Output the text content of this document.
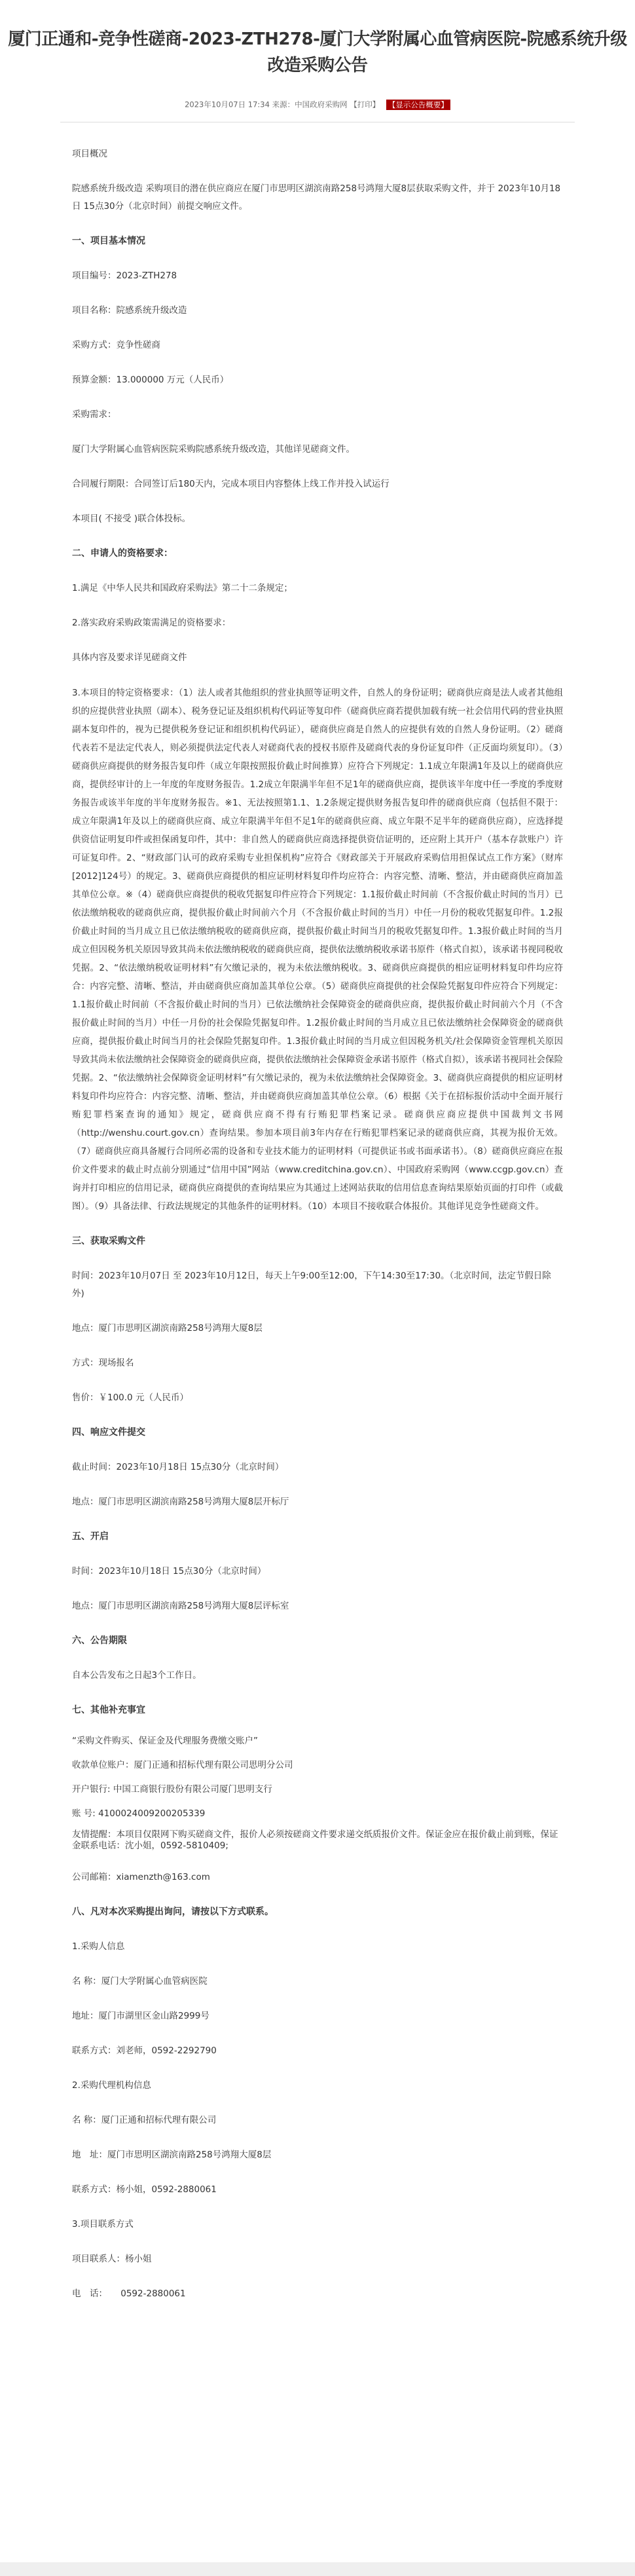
厦门正通和-竞争性磋商-2023-ZTH278-厦门大学附属心血管病医院-院感系统升级改造采购公告
2023年10月07日 17:34 来源：中国政府采购网 【打印】 【显示公告概要】

项目概况

院感系统升级改造 采购项目的潜在供应商应在厦门市思明区湖滨南路258号鸿翔大厦8层获取采购文件，并于 2023年10月18日 15点30分（北京时间）前提交响应文件。

一、项目基本情况

项目编号：2023-ZTH278

项目名称：院感系统升级改造

采购方式：竞争性磋商

预算金额：13.000000 万元（人民币）

采购需求：

厦门大学附属心血管病医院采购院感系统升级改造，其他详见磋商文件。

合同履行期限：合同签订后180天内，完成本项目内容整体上线工作并投入试运行

本项目( 不接受 )联合体投标。

二、申请人的资格要求：

1.满足《中华人民共和国政府采购法》第二十二条规定；

2.落实政府采购政策需满足的资格要求：

具体内容及要求详见磋商文件

3.本项目的特定资格要求：（1）法人或者其他组织的营业执照等证明文件，自然人的身份证明；磋商供应商是法人或者其他组织的应提供营业执照（副本）、税务登记证及组织机构代码证等复印件（磋商供应商若提供加载有统一社会信用代码的营业执照副本复印件的，视为已提供税务登记证和组织机构代码证），磋商供应商是自然人的应提供有效的自然人身份证明。（2）磋商代表若不是法定代表人，则必须提供法定代表人对磋商代表的授权书原件及磋商代表的身份证复印件（正反面均须复印）。（3）磋商供应商提供的财务报告复印件（成立年限按照报价截止时间推算）应符合下列规定：1.1成立年限满1年及以上的磋商供应商，提供经审计的上一年度的年度财务报告。1.2成立年限满半年但不足1年的磋商供应商，提供该半年度中任一季度的季度财务报告或该半年度的半年度财务报告。※1、无法按照第1.1、1.2条规定提供财务报告复印件的磋商供应商（包括但不限于：成立年限满1年及以上的磋商供应商、成立年限满半年但不足1年的磋商供应商、成立年限不足半年的磋商供应商），应选择提供资信证明复印件或担保函复印件，其中：非自然人的磋商供应商选择提供资信证明的，还应附上其开户（基本存款账户）许可证复印件。2、“财政部门认可的政府采购专业担保机构”应符合《财政部关于开展政府采购信用担保试点工作方案》（财库[2012]124号）的规定。3、磋商供应商提供的相应证明材料复印件均应符合：内容完整、清晰、整洁，并由磋商供应商加盖其单位公章。※（4）磋商供应商提供的税收凭据复印件应符合下列规定：1.1报价截止时间前（不含报价截止时间的当月）已依法缴纳税收的磋商供应商，提供报价截止时间前六个月（不含报价截止时间的当月）中任一月份的税收凭据复印件。1.2报价截止时间的当月成立且已依法缴纳税收的磋商供应商，提供报价截止时间当月的税收凭据复印件。1.3报价截止时间的当月成立但因税务机关原因导致其尚未依法缴纳税收的磋商供应商，提供依法缴纳税收承诺书原件（格式自拟），该承诺书视同税收凭据。2、“依法缴纳税收证明材料”有欠缴记录的，视为未依法缴纳税收。3、磋商供应商提供的相应证明材料复印件均应符合：内容完整、清晰、整洁，并由磋商供应商加盖其单位公章。（5）磋商供应商提供的社会保险凭据复印件应符合下列规定：1.1报价截止时间前（不含报价截止时间的当月）已依法缴纳社会保障资金的磋商供应商，提供报价截止时间前六个月（不含报价截止时间的当月）中任一月份的社会保险凭据复印件。1.2报价截止时间的当月成立且已依法缴纳社会保障资金的磋商供应商，提供报价截止时间当月的社会保险凭据复印件。1.3报价截止时间的当月成立但因税务机关/社会保障资金管理机关原因导致其尚未依法缴纳社会保障资金的磋商供应商，提供依法缴纳社会保障资金承诺书原件（格式自拟），该承诺书视同社会保险凭据。2、“依法缴纳社会保障资金证明材料”有欠缴记录的，视为未依法缴纳社会保障资金。3、磋商供应商提供的相应证明材料复印件均应符合：内容完整、清晰、整洁，并由磋商供应商加盖其单位公章。（6）根据《关于在招标报价活动中全面开展行贿犯罪档案查询的通知》规定，磋商供应商不得有行贿犯罪档案记录。磋商供应商应提供中国裁判文书网（http://wenshu.court.gov.cn）查询结果。参加本项目前3年内存在行贿犯罪档案记录的磋商供应商，其视为报价无效。（7）磋商供应商具备履行合同所必需的设备和专业技术能力的证明材料（可提供证书或书面承诺书）。（8）磋商供应商应在报价文件要求的截止时点前分别通过“信用中国”网站（www.creditchina.gov.cn）、中国政府采购网（www.ccgp.gov.cn）查询并打印相应的信用记录，磋商供应商提供的查询结果应为其通过上述网站获取的信用信息查询结果原始页面的打印件（或截图）。（9）具备法律、行政法规规定的其他条件的证明材料。（10）本项目不接收联合体报价。其他详见竞争性磋商文件。

三、获取采购文件

时间：2023年10月07日 至 2023年10月12日，每天上午9:00至12:00，下午14:30至17:30。（北京时间，法定节假日除外)

地点：厦门市思明区湖滨南路258号鸿翔大厦8层

方式：现场报名

售价：￥100.0 元（人民币）

四、响应文件提交

截止时间：2023年10月18日 15点30分（北京时间）

地点：厦门市思明区湖滨南路258号鸿翔大厦8层开标厅

五、开启

时间：2023年10月18日 15点30分（北京时间）

地点：厦门市思明区湖滨南路258号鸿翔大厦8层评标室

六、公告期限

自本公告发布之日起3个工作日。

七、其他补充事宜

“采购文件购买、保证金及代理服务费缴交账户”

收款单位账户：厦门正通和招标代理有限公司思明分公司

开户银行: 中国工商银行股份有限公司厦门思明支行

账 号: 4100024009200205339

友情提醒：本项目仅限网下购买磋商文件，报价人必须按磋商文件要求递交纸质报价文件。保证金应在报价截止前到账，保证金联系电话：沈小姐，0592-5810409;

公司邮箱：xiamenzth@163.com

八、凡对本次采购提出询问，请按以下方式联系。

1.采购人信息

名 称：厦门大学附属心血管病医院

地址：厦门市湖里区金山路2999号

联系方式：刘老师，0592-2292790

2.采购代理机构信息

名 称：厦门正通和招标代理有限公司

地　址：厦门市思明区湖滨南路258号鸿翔大厦8层

联系方式：杨小姐，0592-2880061

3.项目联系方式

项目联系人：杨小姐

电　话：　　0592-2880061
